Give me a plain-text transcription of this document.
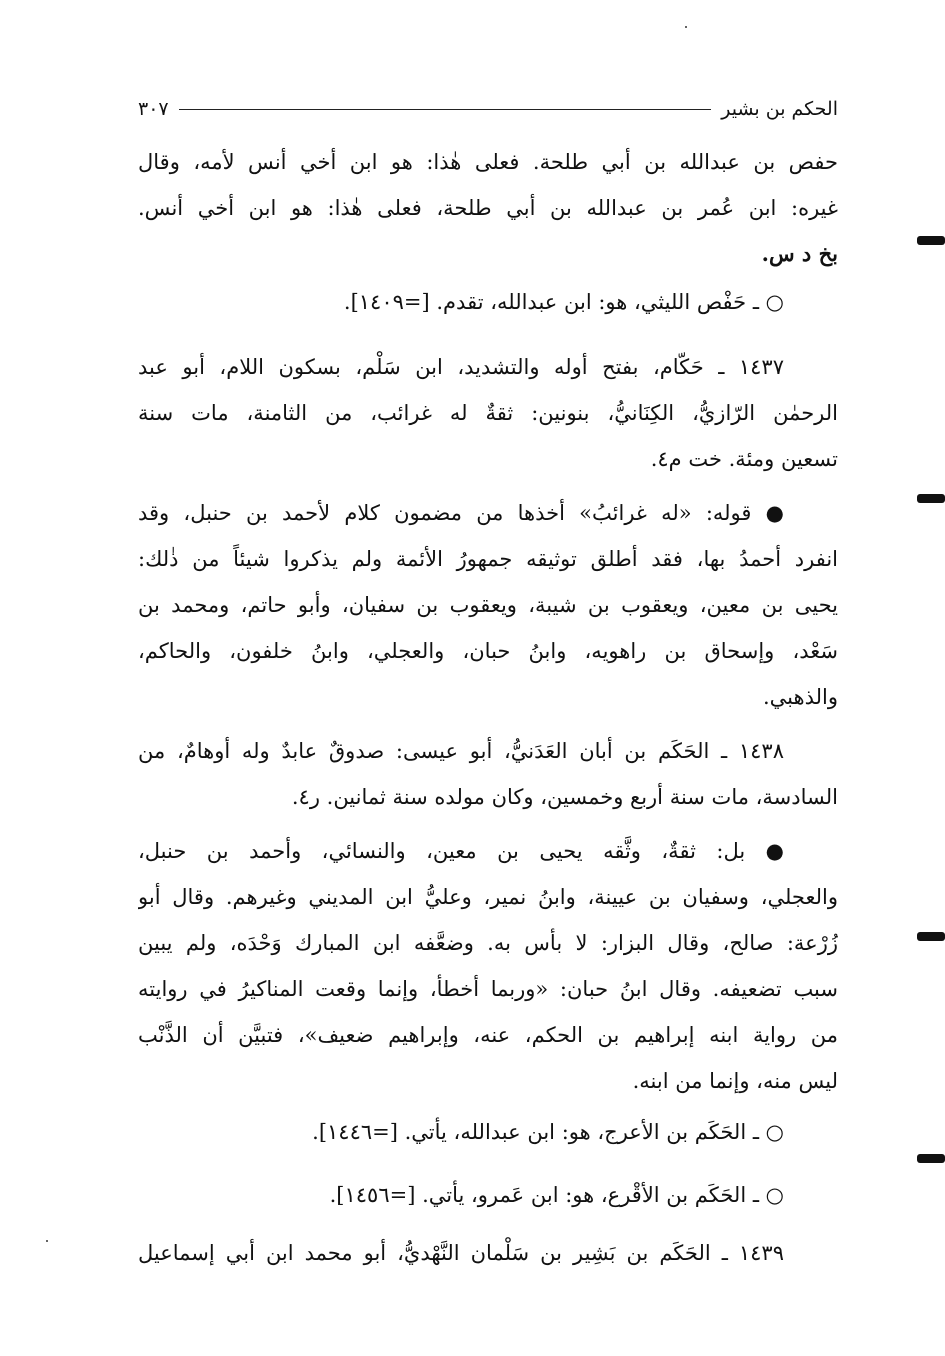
الحكم بن بشير
٣٠٧
حفص بن عبدالله بن أبي طلحة. فعلى هٰذا: هو ابن أخي أنس لأمه، وقال
غيره: ابن عُمر بن عبدالله بن أبي طلحة، فعلى هٰذا: هو ابن أخي أنس.
بخ د س.
○ ـ حَفْص الليثي، هو: ابن عبدالله، تقدم. [=١٤٠٩].
١٤٣٧ ـ حَكّام، بفتح أوله والتشديد، ابن سَلْم، بسكون اللام، أبو عبد
الرحمٰن الرّازيُّ، الكِنَانيُّ، بنونين: ثقةٌ له غرائب، من الثامنة، مات سنة
تسعين ومئة. خت م٤.
● قوله: «له غرائبُ» أخذها من مضمون كلام لأحمد بن حنبل، وقد
انفرد أحمدُ بها، فقد أطلق توثيقه جمهورُ الأئمة ولم يذكروا شيئاً من ذٰلك:
يحيى بن معين، ويعقوب بن شيبة، ويعقوب بن سفيان، وأبو حاتم، ومحمد بن
سَعْد، وإسحاق بن راهويه، وابنُ حبان، والعجلي، وابنُ خلفون، والحاكم،
والذهبي.
١٤٣٨ ـ الحَكَم بن أبان العَدَنيُّ، أبو عيسى: صدوقٌ عابدٌ وله أوهامٌ، من
السادسة، مات سنة أربع وخمسين، وكان مولده سنة ثمانين. ر٤.
● بل: ثقةٌ، وثَّقه يحيى بن معين، والنسائي، وأحمد بن حنبل،
والعجلي، وسفيان بن عيينة، وابنُ نمير، وعليُّ ابن المديني وغيرهم. وقال أبو
زُرْعة: صالح، وقال البزار: لا بأس به. وضعَّفه ابن المبارك وَحْدَه، ولم يبين
سبب تضعيفه. وقال ابنُ حبان: «وربما أخطأ، وإنما وقعت المناكيرُ في روايته
من رواية ابنه إبراهيم بن الحكم، عنه، وإبراهيم ضعيف»، فتبيَّن أن الذَّنْب
ليس منه، وإنما من ابنه.
○ ـ الحَكَم بن الأعرج، هو: ابن عبدالله، يأتي. [=١٤٤٦].
○ ـ الحَكَم بن الأقْرع، هو: ابن عَمرو، يأتي. [=١٤٥٦].
١٤٣٩ ـ الحَكَم بن بَشِير بن سَلْمان النَّهْديُّ، أبو محمد ابن أبي إسماعيل
